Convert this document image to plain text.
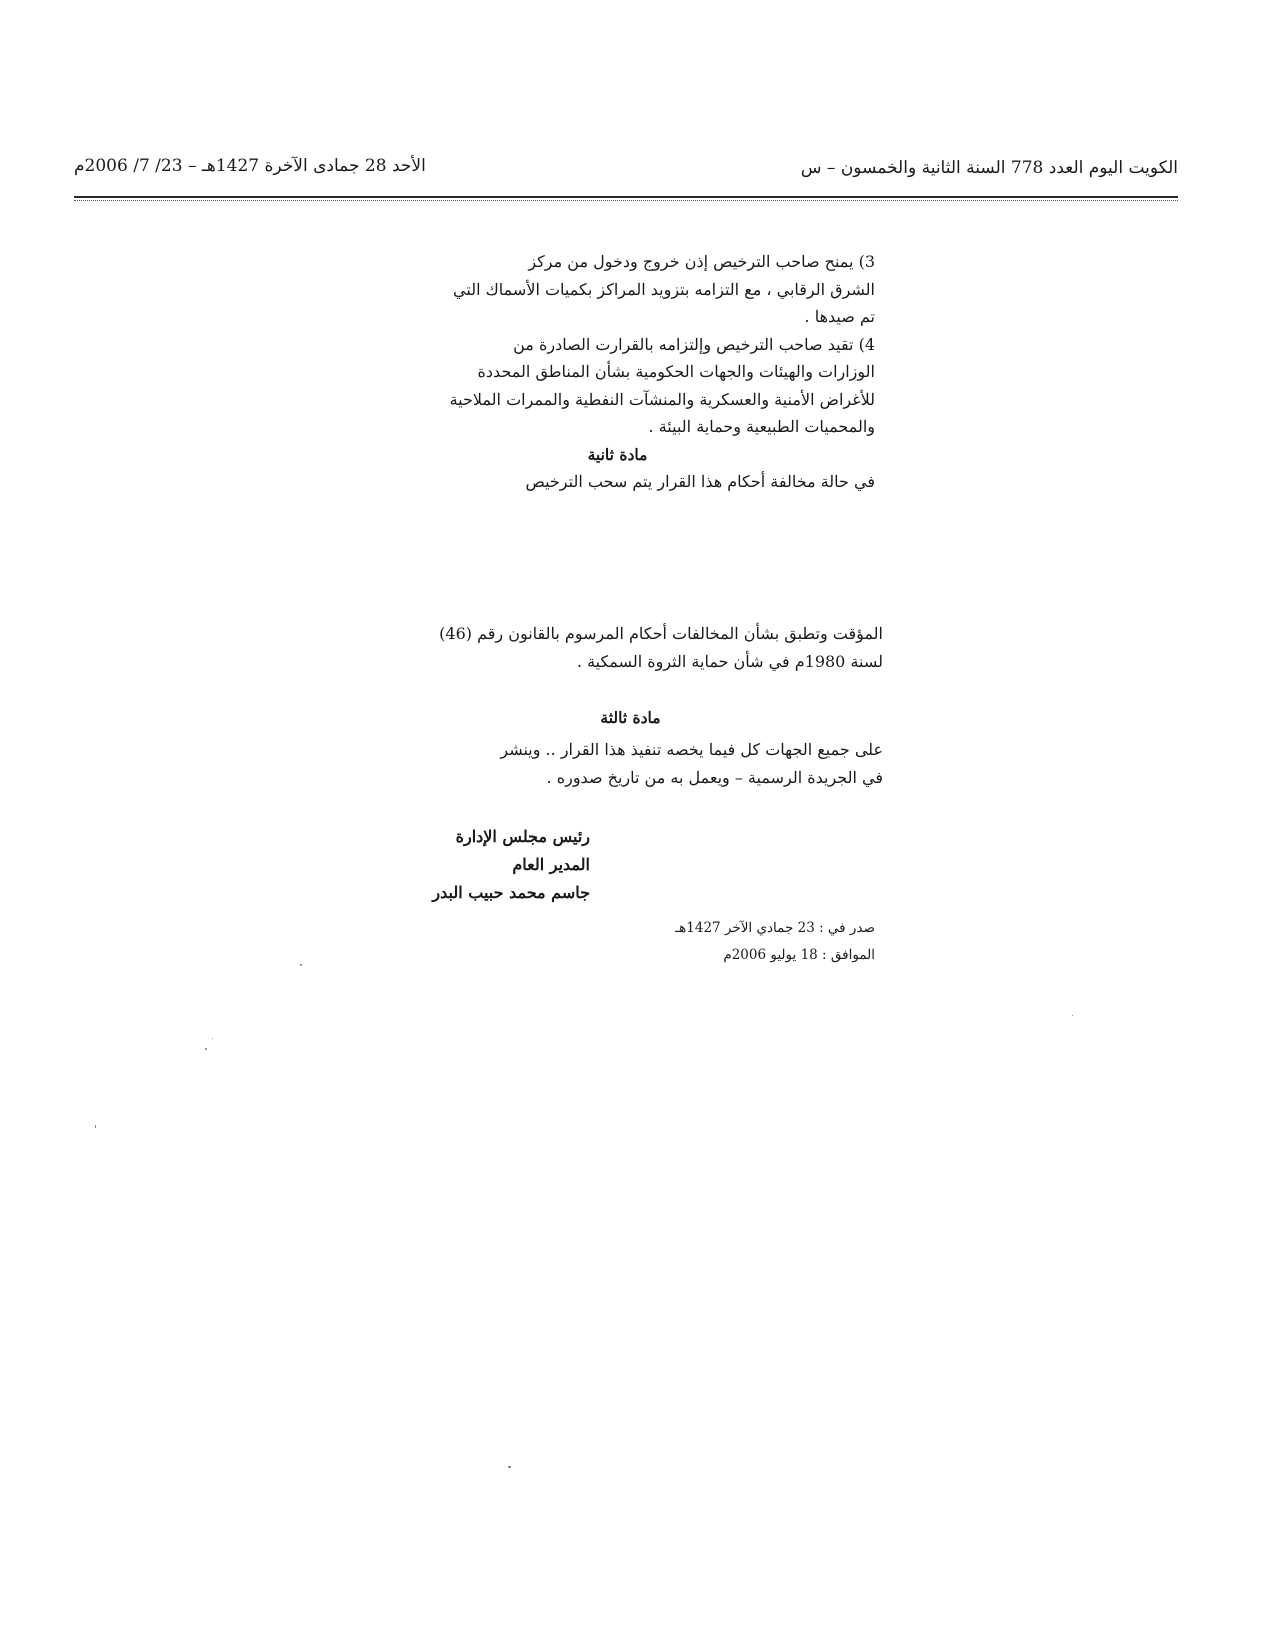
الأحد 28 جمادى الآخرة 1427هـ – 23/ 7/ 2006م	الكويت اليوم العدد 778 السنة الثانية والخمسون – س

3) يمنح صاحب الترخيص إذن خروج ودخول من مركز

الشرق الرقابي ، مع التزامه بتزويد المراكز بكميات الأسماك التي

تم صيدها .

4) تقيد صاحب الترخيص وإلتزامه بالقرارت الصادرة من

الوزارات والهيئات والجهات الحكومية بشأن المناطق المحددة

للأغراض الأمنية والعسكرية والمنشآت النفطية والممرات الملاحية

والمحميات الطبيعية وحماية البيئة .

مادة ثانية

في حالة مخالفة أحكام هذا القرار يتم سحب الترخيص

المؤقت وتطبق بشأن المخالفات أحكام المرسوم بالقانون رقم (46)

لسنة 1980م في شأن حماية الثروة السمكية .

مادة ثالثة

على جميع الجهات كل فيما يخصه تنفيذ هذا القرار .. وينشر

في الجريدة الرسمية – ويعمل به من تاريخ صدوره .

رئيس مجلس الإدارة
المدير العام
جاسم محمد حبيب البدر
صدر في : 23 جمادي الآخر 1427هـ
الموافق : 18 يوليو 2006م
